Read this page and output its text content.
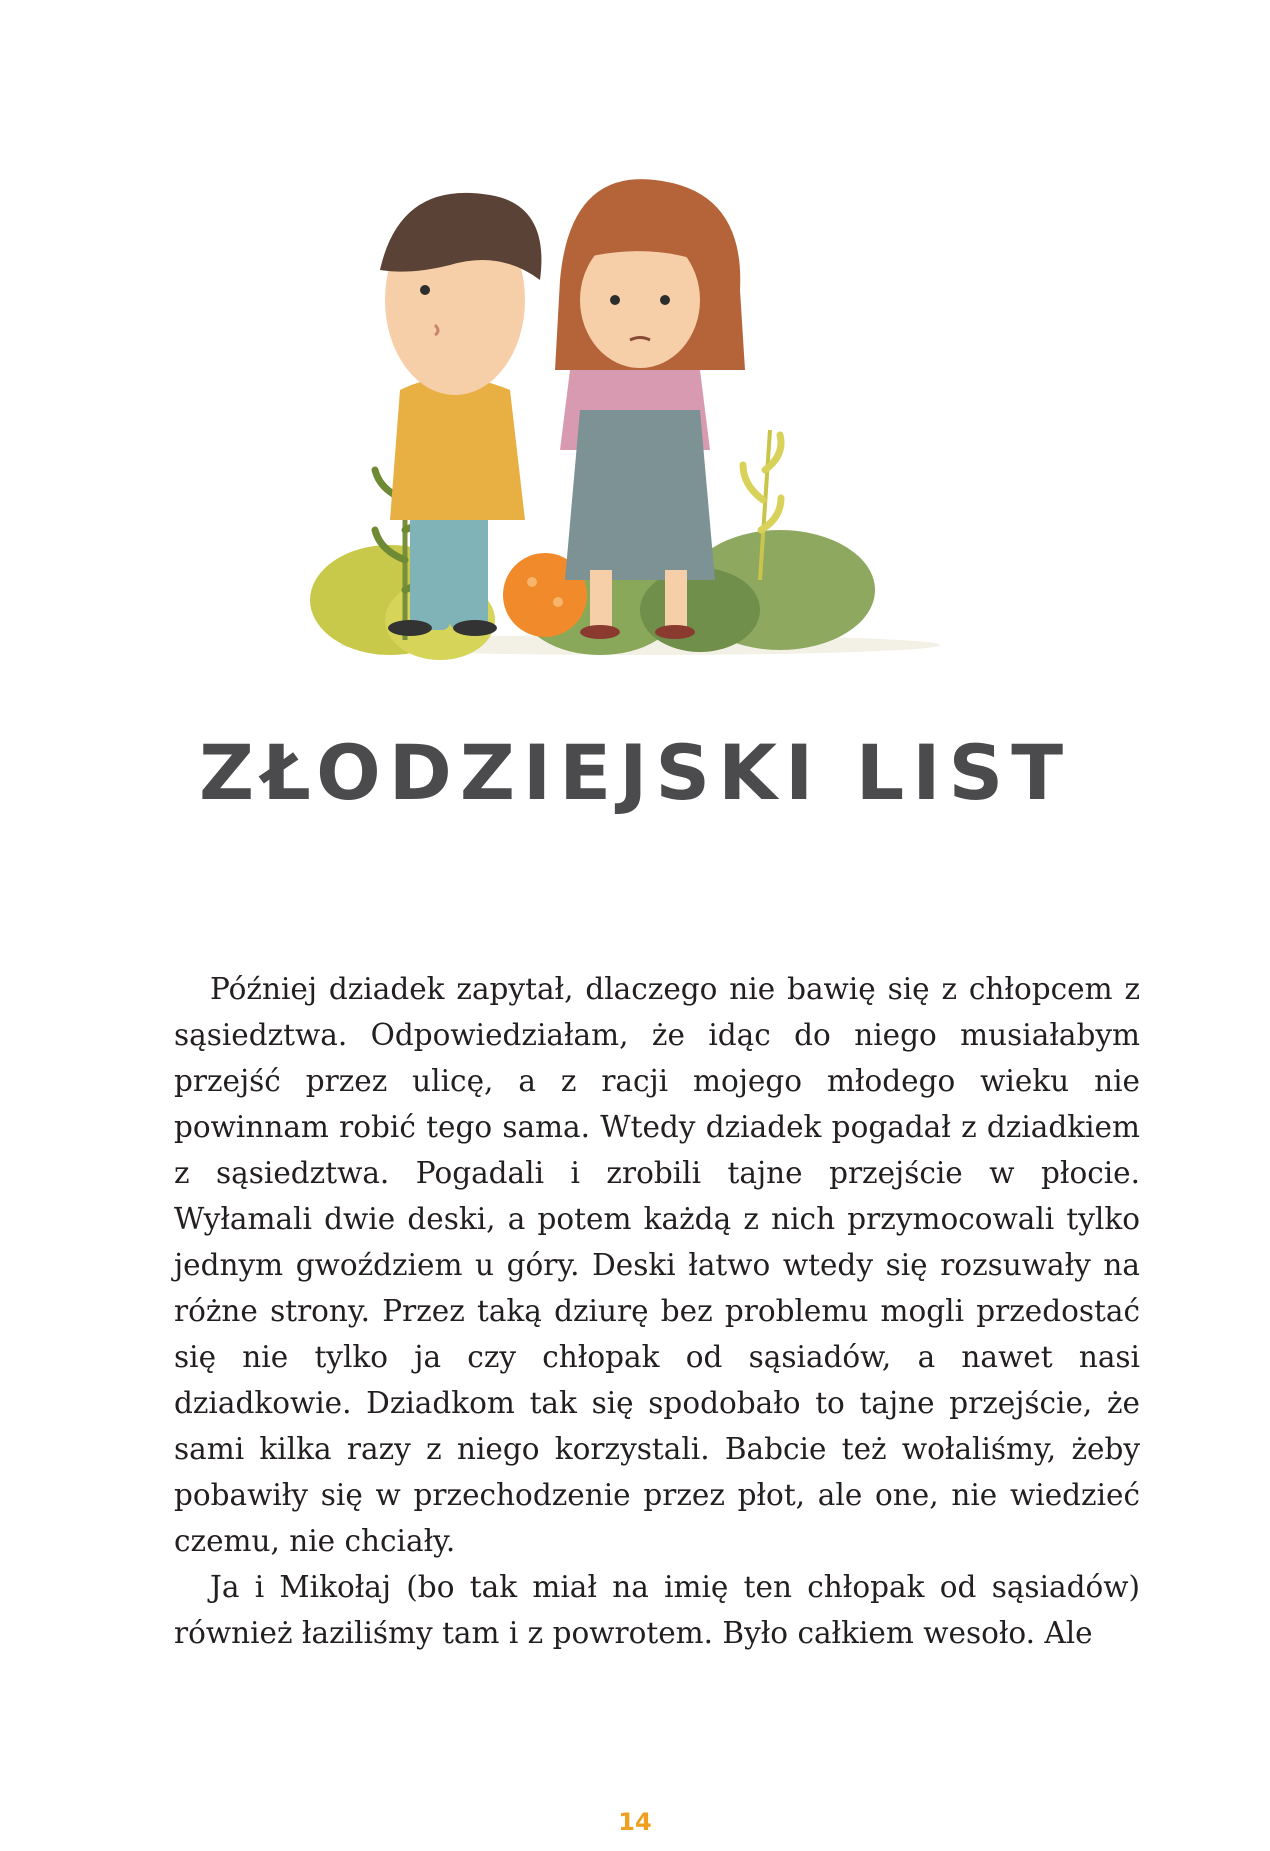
ZŁODZIEJSKI LIST

Później dziadek zapytał, dlaczego nie bawię się z chłopcem z sąsiedztwa. Odpowiedziałam, że idąc do niego musiałabym przejść przez ulicę, a z racji mojego młodego wieku nie powinnam robić tego sama. Wtedy dziadek pogadał z dziadkiem z sąsiedztwa. Pogadali i zrobili tajne przejście w płocie. Wyłamali dwie deski, a potem każdą z nich przymocowali tylko jednym gwoździem u góry. Deski łatwo wtedy się rozsuwały na różne strony. Przez taką dziurę bez problemu mogli przedostać się nie tylko ja czy chłopak od sąsiadów, a nawet nasi dziadkowie. Dziadkom tak się spodobało to tajne przejście, że sami kilka razy z niego korzystali. Babcie też wołaliśmy, żeby pobawiły się w przechodzenie przez płot, ale one, nie wiedzieć czemu, nie chciały.

Ja i Mikołaj (bo tak miał na imię ten chłopak od sąsiadów) również łaziliśmy tam i z powrotem. Było całkiem wesoło. Ale

14
